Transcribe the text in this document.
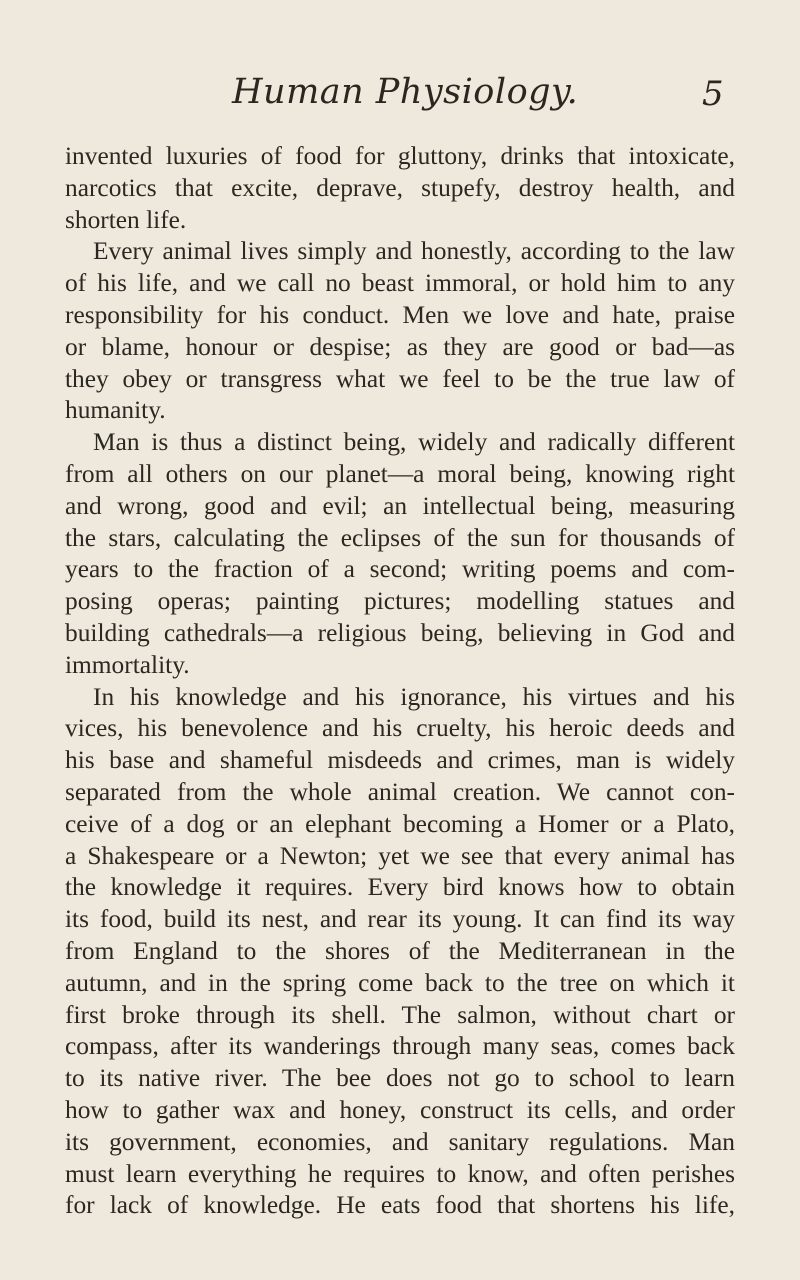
Human Physiology.	5
invented luxuries of food for gluttony, drinks that intoxicate,
narcotics that excite, deprave, stupefy, destroy health, and
shorten life.
Every animal lives simply and honestly, according to the law
of his life, and we call no beast immoral, or hold him to any
responsibility for his conduct. Men we love and hate, praise
or blame, honour or despise; as they are good or bad—as
they obey or transgress what we feel to be the true law of
humanity.
Man is thus a distinct being, widely and radically different
from all others on our planet—a moral being, knowing right
and wrong, good and evil; an intellectual being, measuring
the stars, calculating the eclipses of the sun for thousands of
years to the fraction of a second; writing poems and com-
posing operas; painting pictures; modelling statues and
building cathedrals—a religious being, believing in God and
immortality.
In his knowledge and his ignorance, his virtues and his
vices, his benevolence and his cruelty, his heroic deeds and
his base and shameful misdeeds and crimes, man is widely
separated from the whole animal creation. We cannot con-
ceive of a dog or an elephant becoming a Homer or a Plato,
a Shakespeare or a Newton; yet we see that every animal has
the knowledge it requires. Every bird knows how to obtain
its food, build its nest, and rear its young. It can find its way
from England to the shores of the Mediterranean in the
autumn, and in the spring come back to the tree on which it
first broke through its shell. The salmon, without chart or
compass, after its wanderings through many seas, comes back
to its native river. The bee does not go to school to learn
how to gather wax and honey, construct its cells, and order
its government, economies, and sanitary regulations. Man
must learn everything he requires to know, and often perishes
for lack of knowledge. He eats food that shortens his life,
